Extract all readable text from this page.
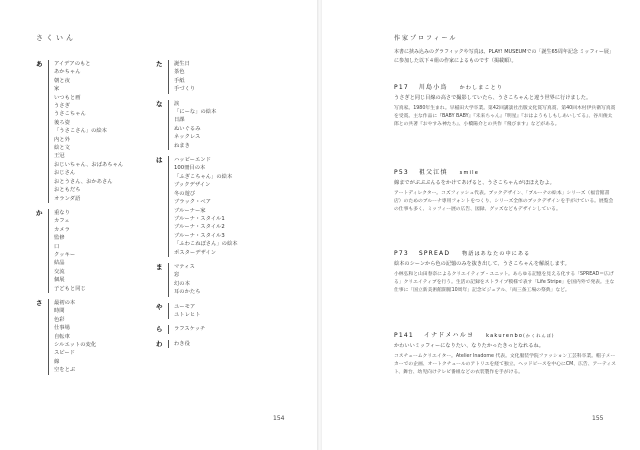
さくいん
あ アイデアのもと
あかちゃん
朝と夜
家
いつもと画
うさぎ
うさこちゃん
後ろ姿
「うさこさん」の絵本
内と外
絵と文
王冠
おじいちゃん、おばあちゃん
おじさん
おとうさん、おかあさん
おともだち
オランダ語
か 重なり
カフェ
カメラ
監修
口
クッキー
結晶
交流
個展
子どもと同じ
さ 最初の本
時間
色彩
仕事場
自転車
シルエットの変化
スピード
線
空をとぶ
た 誕生日
茶色
手紙
手づくり
な 涙
「にーな」の絵本
日課
ぬいぐるみ
ネックレス
ねまき
は ハッピーエンド
100冊目の本
「ふぎこちゃん」の絵本
ブックデザイン
冬の遊び
ブラック・ベア
ブルーナー家
ブルーナ・スタイル1
ブルーナ・スタイル2
ブルーナ・スタイル3
「ふわこねぼさん」の絵本
ポスターデザイン
ま マティス
窓
幻の本
耳のかたち
や ユーモア
ユトレヒト
ら ラフスケッチ
わ わき役
154
作家プロフィール
本書に挟み込みのグラフィックや写真は、PLAY! MUSEUMでの「誕生65周年記念 ミッフィー展」に参加した以下４組の作家によるものです（掲載順）。
P17 川島小鳥 かわしまことり
うさぎと同じ目線の高さで撮影していたら、うさこちゃんと違う世界に行けました。
写真家。1980年生まれ。早稲田大学卒業。第42回講談社出版文化賞写真賞、第40回木村伊兵衛写真賞を受賞。主な作品に『BABY BABY』『未来ちゃん』『明星』『おはようもしもしあいしてる』、谷川俊太郎との共著『おやすみ神たち』、小橋陽介との共作『飛びます』などがある。
P53 祖父江慎 smile
線までがぷぷぷんるをかけてあげると、うさこちゃんがほほえむよ。
アートディレクター。コズフィッシュ代表。ブックデザイン、「ブルーナの絵本」シリーズ（福音館書店）のためのブルーナ専用フォントをつくり、シリーズ全体のブックデザインを手がけている。展覧会の仕事も多く、ミッフィー展の広告、図録、グッズなどもデザインしている。
P73 SPREAD 物語はあなたの中にある
絵本のシーンから色の記憶のみを抜き出して、うさこちゃんを解説します。
小林弘和と山田春奈によるクリエイティブ・ユニット。あらゆる記憶を見える化する「SPREAD＝広げる」クリエイティブを行う。生活の記録をストライプ模様で表す「Life Stripe」を国内外で発表。主な仕事に「国立新美術館開館10周年」記念ビジュアル、「両三条工場の祭典」など。
P141 イナドメハルヨ kakurenbo(かくれんぼ)
かわいいミッフィーになりたい、なりたかったきっとなれるね。
コスチュームクリエイター。Atelier Inadome 代表。文化服装学院ファッション工芸科卒業。帽子メーカーでの企画、オートクチュールのアトリエを経て独立。ヘッドピースを中心にCM、広告、アーティスト、舞台、幼児向けテレビ番組などの衣装製作を手がける。
155
